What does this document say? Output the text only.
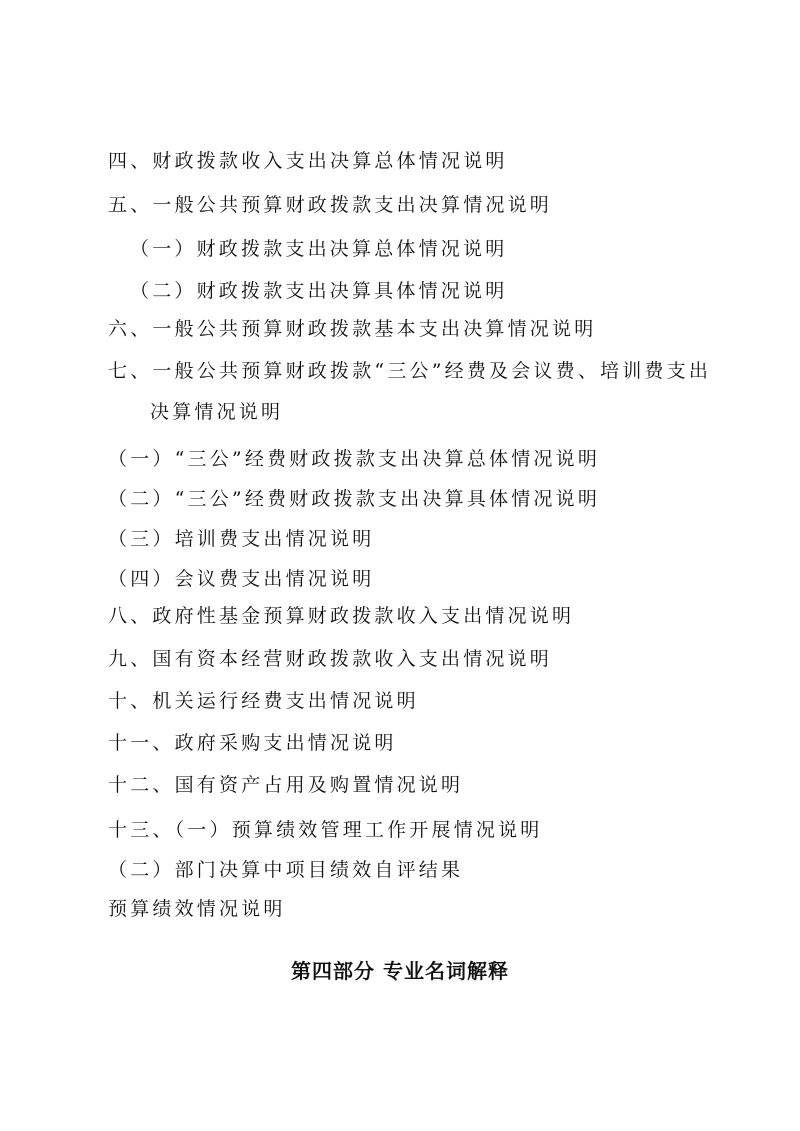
四、财政拨款收入支出决算总体情况说明
五、一般公共预算财政拨款支出决算情况说明
（一）财政拨款支出决算总体情况说明
（二）财政拨款支出决算具体情况说明
六、一般公共预算财政拨款基本支出决算情况说明
七、一般公共预算财政拨款“三公”经费及会议费、培训费支出
决算情况说明
（一）“三公”经费财政拨款支出决算总体情况说明
（二）“三公”经费财政拨款支出决算具体情况说明
（三）培训费支出情况说明
（四）会议费支出情况说明
八、政府性基金预算财政拨款收入支出情况说明
九、国有资本经营财政拨款收入支出情况说明
十、机关运行经费支出情况说明
十一、政府采购支出情况说明
十二、国有资产占用及购置情况说明
十三、（一）预算绩效管理工作开展情况说明
（二）部门决算中项目绩效自评结果
预算绩效情况说明
第四部分 专业名词解释
